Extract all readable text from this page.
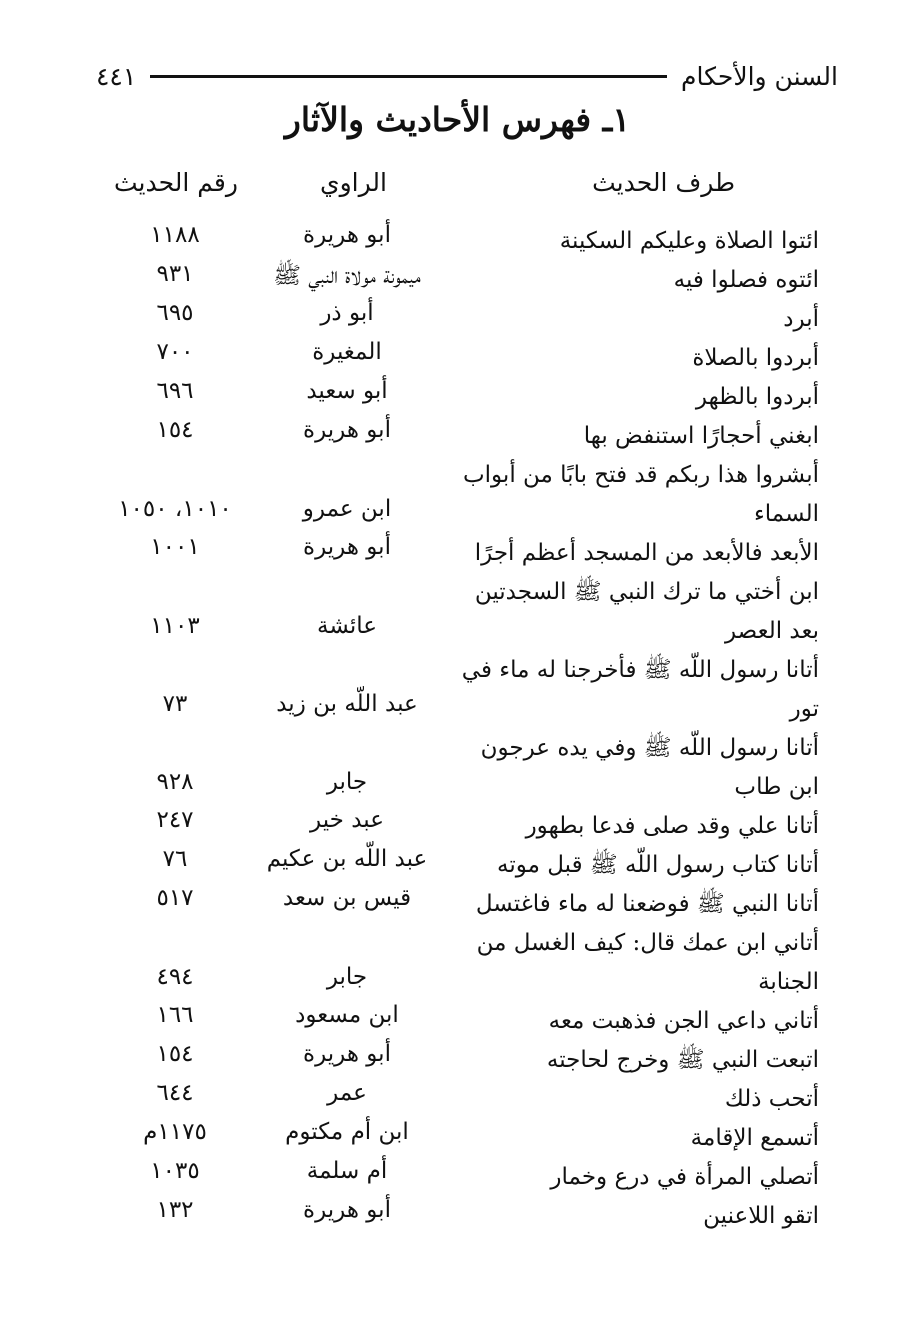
السنن والأحكام
٤٤١
١ـ فهرس الأحاديث والآثار
طرف الحديث
الراوي
رقم الحديث
ائتوا الصلاة وعليكم السكينة
أبو هريرة
١١٨٨
ائتوه فصلوا فيه
ميمونة مولاة النبي ﷺ
٩٣١
أبرد
أبو ذر
٦٩٥
أبردوا بالصلاة
المغيرة
٧٠٠
أبردوا بالظهر
أبو سعيد
٦٩٦
ابغني أحجارًا استنفض بها
أبو هريرة
١٥٤
أبشروا هذا ربكم قد فتح بابًا من أبواب السماء
ابن عمرو
١٠١٠، ١٠٥٠
الأبعد فالأبعد من المسجد أعظم أجرًا
أبو هريرة
١٠٠١
ابن أختي ما ترك النبي ﷺ السجدتين بعد العصر
عائشة
١١٠٣
أتانا رسول اللّه ﷺ فأخرجنا له ماء في تور
عبد اللّه بن زيد
٧٣
أتانا رسول اللّه ﷺ وفي يده عرجون ابن طاب
جابر
٩٢٨
أتانا علي وقد صلى فدعا بطهور
عبد خير
٢٤٧
أتانا كتاب رسول اللّه ﷺ قبل موته
عبد اللّه بن عكيم
٧٦
أتانا النبي ﷺ فوضعنا له ماء فاغتسل
قيس بن سعد
٥١٧
أتاني ابن عمك قال: كيف الغسل من الجنابة
جابر
٤٩٤
أتاني داعي الجن فذهبت معه
ابن مسعود
١٦٦
اتبعت النبي ﷺ وخرج لحاجته
أبو هريرة
١٥٤
أتحب ذلك
عمر
٦٤٤
أتسمع الإقامة
ابن أم مكتوم
١١٧٥م
أتصلي المرأة في درع وخمار
أم سلمة
١٠٣٥
اتقو اللاعنين
أبو هريرة
١٣٢
